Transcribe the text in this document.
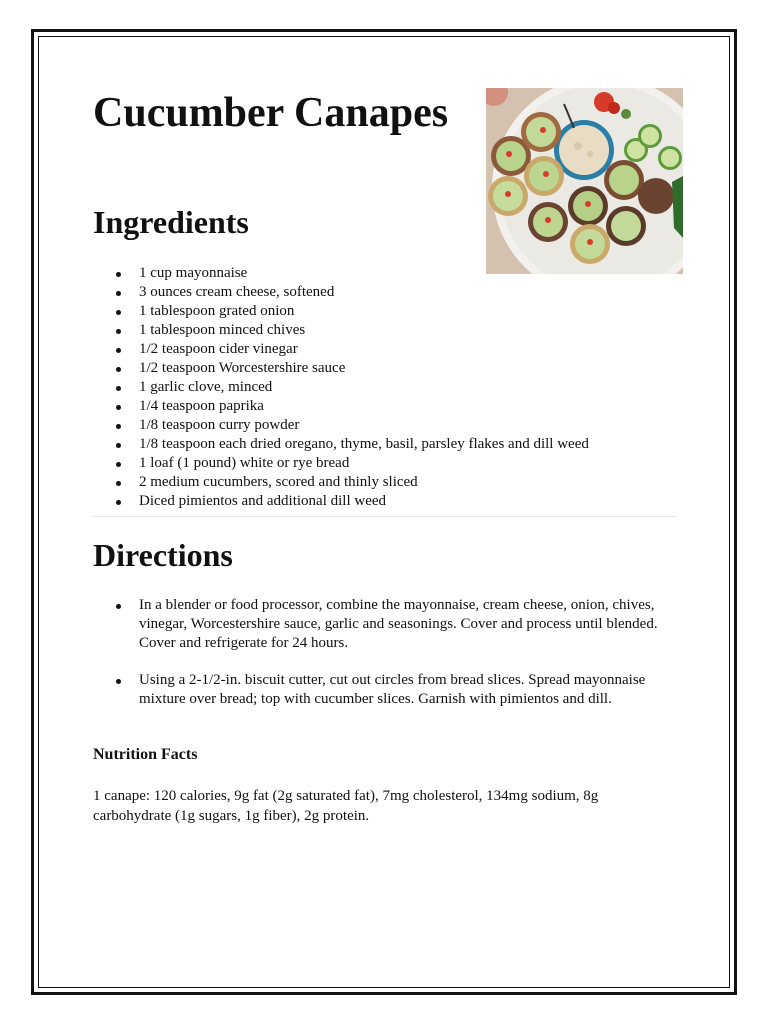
Cucumber Canapes
Ingredients
1 cup mayonnaise
3 ounces cream cheese, softened
1 tablespoon grated onion
1 tablespoon minced chives
1/2 teaspoon cider vinegar
1/2 teaspoon Worcestershire sauce
1 garlic clove, minced
1/4 teaspoon paprika
1/8 teaspoon curry powder
1/8 teaspoon each dried oregano, thyme, basil, parsley flakes and dill weed
1 loaf (1 pound) white or rye bread
2 medium cucumbers, scored and thinly sliced
Diced pimientos and additional dill weed
Directions
In a blender or food processor, combine the mayonnaise, cream cheese, onion, chives, vinegar, Worcestershire sauce, garlic and seasonings. Cover and process until blended. Cover and refrigerate for 24 hours.
Using a 2-1/2-in. biscuit cutter, cut out circles from bread slices. Spread mayonnaise mixture over bread; top with cucumber slices. Garnish with pimientos and dill.
Nutrition Facts

1 canape: 120 calories, 9g fat (2g saturated fat), 7mg cholesterol, 134mg sodium, 8g carbohydrate (1g sugars, 1g fiber), 2g protein.
